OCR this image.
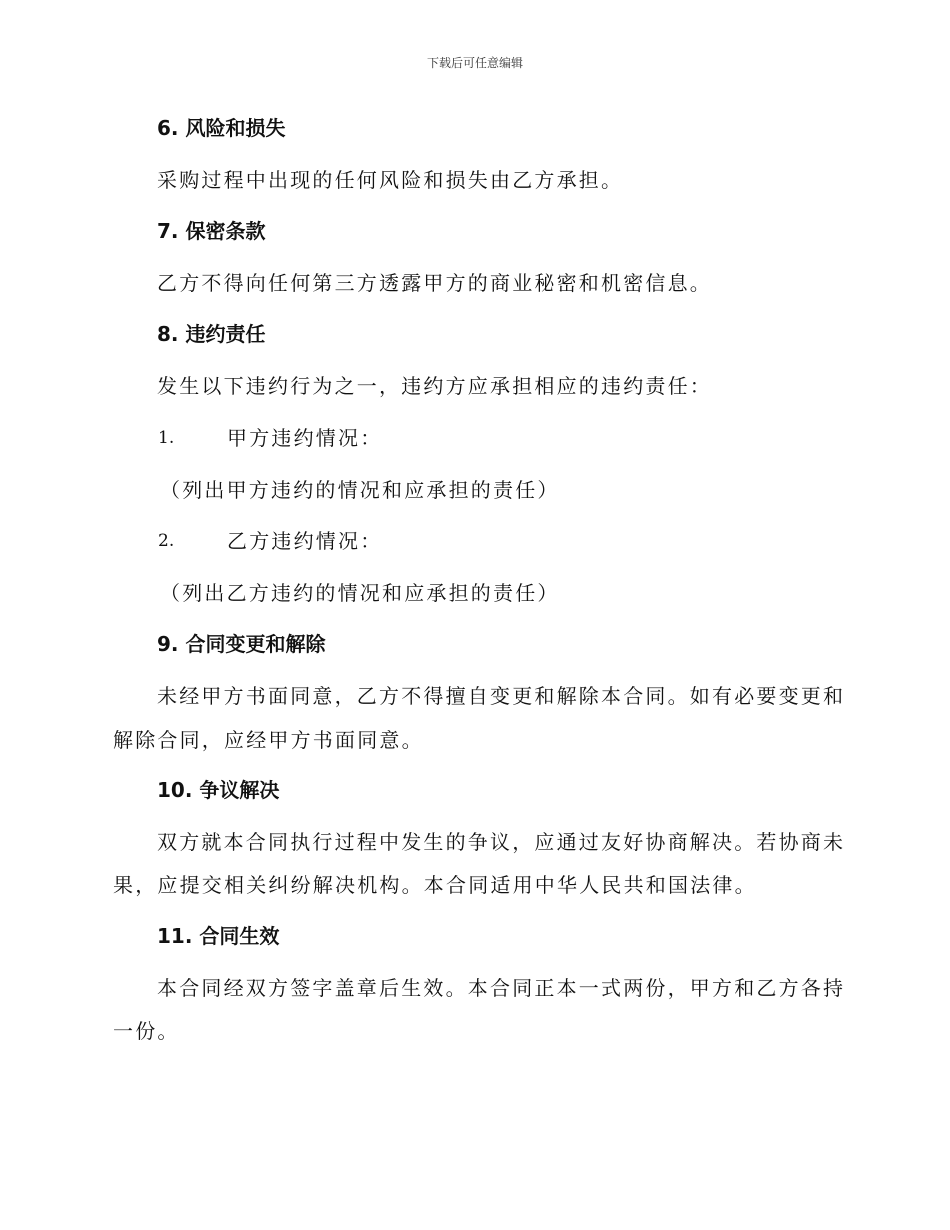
下载后可任意编辑
6. 风险和损失
采购过程中出现的任何风险和损失由乙方承担。
7. 保密条款
乙方不得向任何第三方透露甲方的商业秘密和机密信息。
8. 违约责任
发生以下违约行为之一，违约方应承担相应的违约责任：
1.	甲方违约情况：
（列出甲方违约的情况和应承担的责任）
2.	乙方违约情况：
（列出乙方违约的情况和应承担的责任）
9. 合同变更和解除
未经甲方书面同意，乙方不得擅自变更和解除本合同。如有必要变更和
解除合同，应经甲方书面同意。
10. 争议解决
双方就本合同执行过程中发生的争议，应通过友好协商解决。若协商未
果，应提交相关纠纷解决机构。本合同适用中华人民共和国法律。
11. 合同生效
本合同经双方签字盖章后生效。本合同正本一式两份，甲方和乙方各持
一份。
